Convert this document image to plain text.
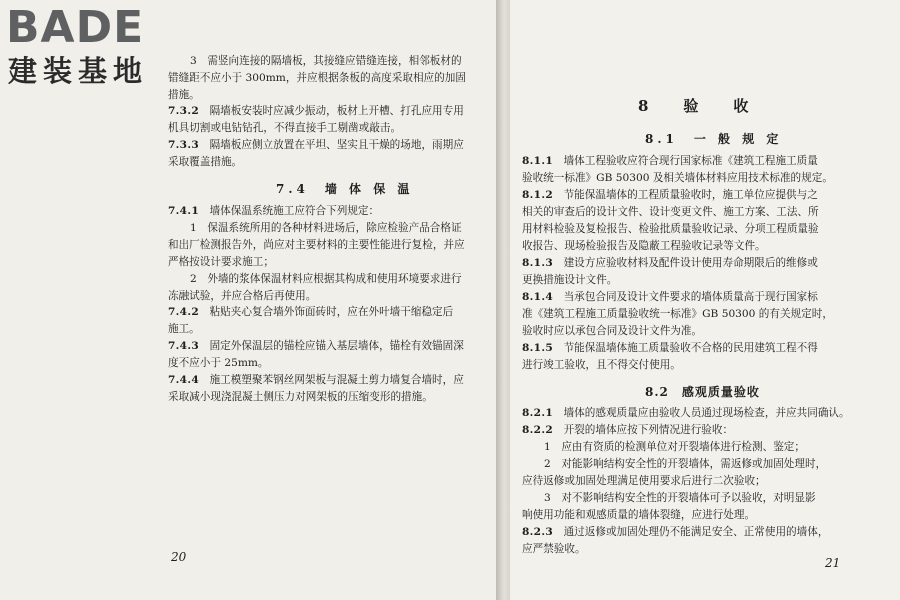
3　需竖向连接的隔墙板，其接缝应错缝连接，相邻板材的

错缝距不应小于 300mm，并应根据条板的高度采取相应的加固

措施。

7.3.2　 隔墙板安装时应减少振动，板材上开槽、打孔应用专用

机具切割或电钻钻孔，不得直接手工剔凿或敲击。

7.3.3　 隔墙板应侧立放置在平坦、坚实且干燥的场地，雨期应

采取覆盖措施。

7.4　墙 体 保 温

7.4.1　 墙体保温系统施工应符合下列规定：

1　保温系统所用的各种材料进场后，除应检验产品合格证

和出厂检测报告外，尚应对主要材料的主要性能进行复检，并应

严格按设计要求施工；

2　外墙的浆体保温材料应根据其构成和使用环境要求进行

冻融试验，并应合格后再使用。

7.4.2　 粘贴夹心复合墙外饰面砖时，应在外叶墙干缩稳定后

施工。

7.4.3　 固定外保温层的锚栓应锚入基层墙体，锚栓有效锚固深

度不应小于 25mm。

7.4.4　 施工模塑聚苯钢丝网架板与混凝土剪力墙复合墙时，应

采取减小现浇混凝土侧压力对网架板的压缩变形的措施。

20

BADE
建装基地

8　验　收

8.1　一 般 规 定

8.1.1　 墙体工程验收应符合现行国家标准《建筑工程施工质量

验收统一标准》GB 50300 及相关墙体材料应用技术标准的规定。

8.1.2　 节能保温墙体的工程质量验收时，施工单位应提供与之

相关的审查后的设计文件、设计变更文件、施工方案、工法、所

用材料检验及复检报告、检验批质量验收记录、分项工程质量验

收报告、现场检验报告及隐蔽工程验收记录等文件。

8.1.3　 建设方应验收材料及配件设计使用寿命期限后的维修或

更换措施设计文件。

8.1.4　 当承包合同及设计文件要求的墙体质量高于现行国家标

准《建筑工程施工质量验收统一标准》GB 50300 的有关规定时，

验收时应以承包合同及设计文件为准。

8.1.5　 节能保温墙体施工质量验收不合格的民用建筑工程不得

进行竣工验收，且不得交付使用。

8.2　感观质量验收

8.2.1　 墙体的感观质量应由验收人员通过现场检查，并应共同确认。

8.2.2　 开裂的墙体应按下列情况进行验收：

1　应由有资质的检测单位对开裂墙体进行检测、鉴定；

2　对能影响结构安全性的开裂墙体，需返修或加固处理时，

应待返修或加固处理满足使用要求后进行二次验收；

3　对不影响结构安全性的开裂墙体可予以验收，对明显影

响使用功能和观感质量的墙体裂缝，应进行处理。

8.2.3　 通过返修或加固处理仍不能满足安全、正常使用的墙体，

应严禁验收。

21
